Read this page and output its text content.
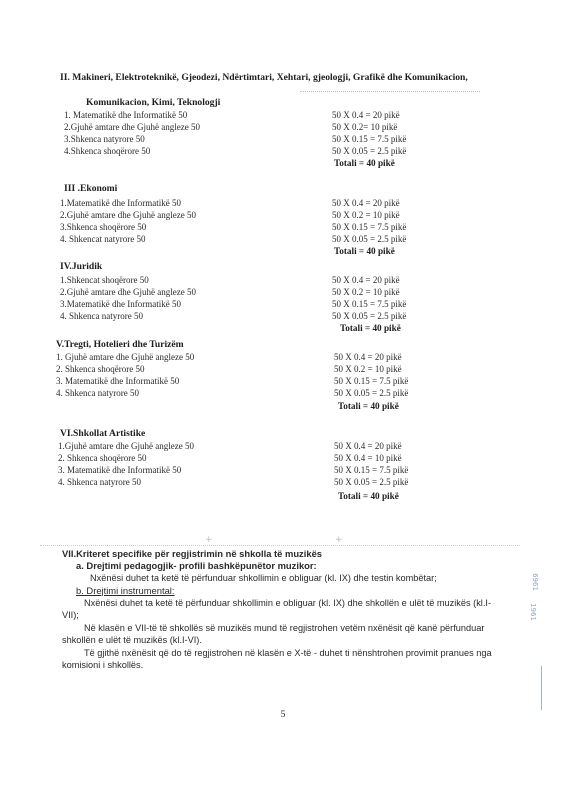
II. Makineri, Elektroteknikë, Gjeodezi, Ndërtimtari, Xehtari, gjeologji, Grafikë dhe Komunikacion,
Komunikacion, Kimi, Teknologji
1. Matematikë dhe Informatikë 50	50 X 0.4 = 20 pikë
2.Gjuhë amtare dhe Gjuhë angleze 50	50 X 0.2= 10 pikë
3.Shkenca natyrore 50	50 X 0.15 = 7.5 pikë
4.Shkenca shoqërore 50	50 X 0.05 = 2.5 pikë
Totali = 40 pikë
III .Ekonomi
1.Matematikë dhe Informatikë 50	50 X 0.4 = 20 pikë
2.Gjuhë amtare dhe Gjuhë angleze 50	50 X 0.2 = 10 pikë
3.Shkenca shoqërore 50	50 X 0.15 = 7.5 pikë
4. Shkencat natyrore 50	50 X 0.05 = 2.5 pikë
Totali = 40 pikë
IV.Juridik
1.Shkencat shoqërore 50	50 X 0.4 = 20 pikë
2.Gjuhë amtare dhe Gjuhë angleze 50	50 X 0.2 = 10 pikë
3.Matematikë dhe Informatikë 50	50 X 0.15 = 7.5 pikë
4. Shkenca natyrore 50	50 X 0.05 = 2.5 pikë
Totali = 40 pikë
V.Tregti, Hotelieri dhe Turizëm
1. Gjuhë amtare dhe Gjuhë angleze 50	50 X 0.4 = 20 pikë
2. Shkenca shoqërore 50	50 X 0.2 = 10 pikë
3. Matematikë dhe Informatikë 50	50 X 0.15 = 7.5 pikë
4. Shkenca natyrore 50	50 X 0.05 = 2.5 pikë
Totali = 40 pikë
VI.Shkollat Artistike
1.Gjuhë amtare dhe Gjuhë angleze 50	50 X 0.4 = 20 pikë
2. Shkenca shoqërore 50	50 X 0.4 = 10 pikë
3. Matematikë dhe Informatikë 50	50 X 0.15 = 7.5 pikë
4. Shkenca natyrore 50	50 X 0.05 = 2.5 pikë
Totali = 40 pikë
+	+
VII.Kriteret specifike për regjistrimin në shkolla të muzikës
a. Drejtimi pedagogjik- profili bashkëpunëtor muzikor:
Nxënësi duhet ta ketë të përfunduar shkollimin e obliguar (kl. IX) dhe testin kombëtar;
b. Drejtimi instrumental:
Nxënësi duhet ta ketë të përfunduar shkollimin e obliguar (kl. IX) dhe shkollën e ulët të muzikës (kl.I-VII);
Në klasën e VII-të të shkollës së muzikës mund të regjistrohen vetëm nxënësit që kanë përfunduar shkollën e ulët të muzikës (kl.I-VI).
Të gjithë nxënësit që do të regjistrohen në klasën e X-të - duhet ti nënshtrohen provimit pranues nga komisioni i shkollës.
5
6961
1961
